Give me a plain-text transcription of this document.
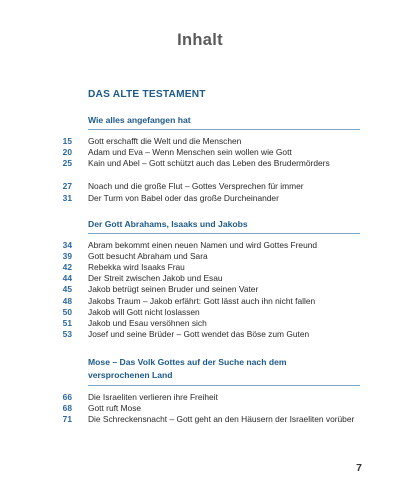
Inhalt
DAS ALTE TESTAMENT
Wie alles angefangen hat
15 Gott erschafft die Welt und die Menschen
20 Adam und Eva – Wenn Menschen sein wollen wie Gott
25 Kain und Abel – Gott schützt auch das Leben des Brudermörders
27 Noach und die große Flut – Gottes Versprechen für immer
31 Der Turm von Babel oder das große Durcheinander
Der Gott Abrahams, Isaaks und Jakobs
34 Abram bekommt einen neuen Namen und wird Gottes Freund
39 Gott besucht Abraham und Sara
42 Rebekka wird Isaaks Frau
44 Der Streit zwischen Jakob und Esau
45 Jakob betrügt seinen Bruder und seinen Vater
48 Jakobs Traum – Jakob erfährt: Gott lässt auch ihn nicht fallen
50 Jakob will Gott nicht loslassen
51 Jakob und Esau versöhnen sich
53 Josef und seine Brüder – Gott wendet das Böse zum Guten
Mose – Das Volk Gottes auf der Suche nach dem versprochenen Land
66 Die Israeliten verlieren ihre Freiheit
68 Gott ruft Mose
71 Die Schreckensnacht – Gott geht an den Häusern der Israeliten vorüber
7
